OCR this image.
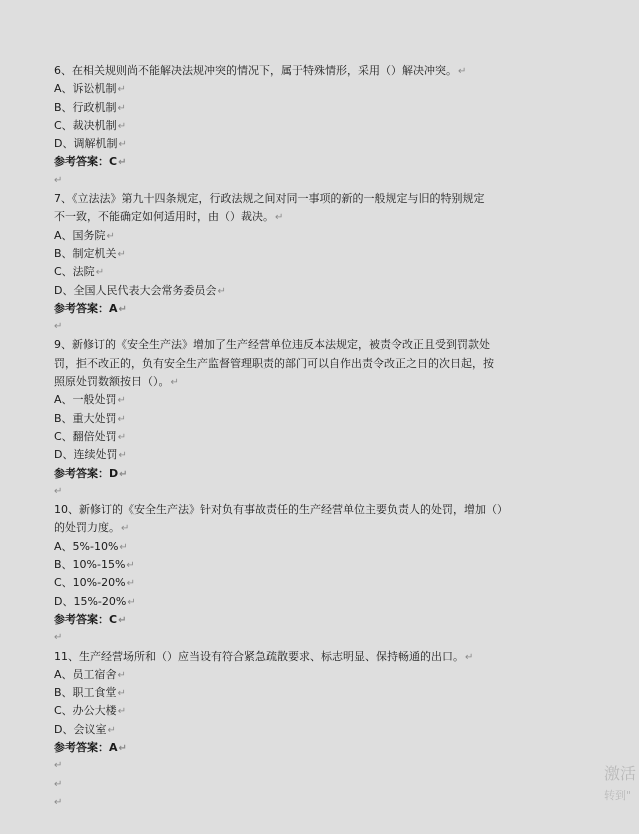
6、在相关规则尚不能解决法规冲突的情况下，属于特殊情形，采用（）解决冲突。↵
A、诉讼机制↵
B、行政机制↵
C、裁决机制↵
D、调解机制↵
参考答案：C↵
↵
7、《立法法》第九十四条规定，行政法规之间对同一事项的新的一般规定与旧的特别规定
不一致，不能确定如何适用时，由（）裁决。↵
A、国务院↵
B、制定机关↵
C、法院↵
D、全国人民代表大会常务委员会↵
参考答案：A↵
↵
9、新修订的《安全生产法》增加了生产经营单位违反本法规定，被责令改正且受到罚款处
罚，拒不改正的，负有安全生产监督管理职责的部门可以自作出责令改正之日的次日起，按
照原处罚数额按日（）。↵
A、一般处罚↵
B、重大处罚↵
C、翻倍处罚↵
D、连续处罚↵
参考答案：D↵
↵
10、新修订的《安全生产法》针对负有事故责任的生产经营单位主要负责人的处罚，增加（）
的处罚力度。↵
A、5%-10%↵
B、10%-15%↵
C、10%-20%↵
D、15%-20%↵
参考答案：C↵
↵
11、生产经营场所和（）应当设有符合紧急疏散要求、标志明显、保持畅通的出口。↵
A、员工宿舍↵
B、职工食堂↵
C、办公大楼↵
D、会议室↵
参考答案：A↵
↵
↵
↵
激活
转到"
